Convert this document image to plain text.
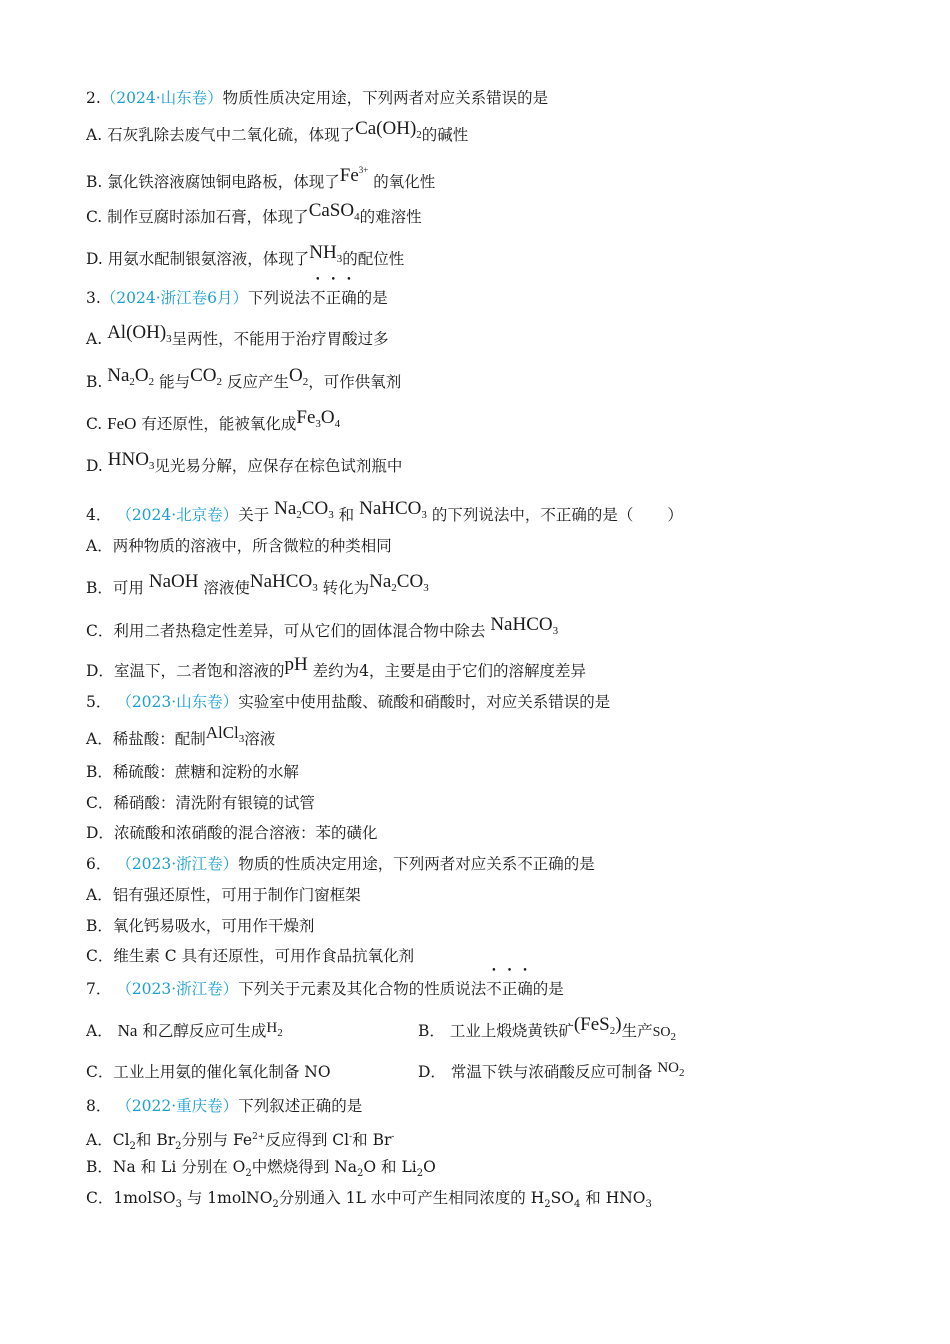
2.（2024·山东卷）物质性质决定用途，下列两者对应关系错误的是
A. 石灰乳除去废气中二氧化硫，体现了$Ca(OH)_2$的碱性
B. 氯化铁溶液腐蚀铜电路板，体现了$Fe^{3+}$ 的氧化性
C. 制作豆腐时添加石膏，体现了CaSO$_4$的难溶性
D. 用氨水配制银氨溶液，体现了$NH_3$的配位性
3.（2024·浙江卷6月）下列说法不正确的是
A. $Al(OH)_3$呈两性，不能用于治疗胃酸过多
B. $Na_2O_2$ 能与$CO_2$ 反应产生$O_2$，可作供氧剂
C. FeO 有还原性，能被氧化成$Fe_3O_4$
D. $HNO_3$见光易分解，应保存在棕色试剂瓶中
4． （2024·北京卷）关于 $Na_2CO_3$ 和 NaHCO$_3$ 的下列说法中，不正确的是（ ）
A．两种物质的溶液中，所含微粒的种类相同
B．可用 NaOH 溶液使NaHCO$_3$ 转化为$Na_2CO_3$
C．利用二者热稳定性差异，可从它们的固体混合物中除去 NaHCO$_3$
D．室温下，二者饱和溶液的pH 差约为4，主要是由于它们的溶解度差异
5． （2023·山东卷）实验室中使用盐酸、硫酸和硝酸时，对应关系错误的是
A．稀盐酸：配制AlCl$_3$溶液
B．稀硫酸：蔗糖和淀粉的水解
C．稀硝酸：清洗附有银镜的试管
D．浓硫酸和浓硝酸的混合溶液：苯的磺化
6． （2023·浙江卷）物质的性质决定用途，下列两者对应关系不正确的是
A．铝有强还原性，可用于制作门窗框架
B．氧化钙易吸水，可用作干燥剂
C．维生素 C 具有还原性，可用作食品抗氧化剂
7． （2023·浙江卷）下列关于元素及其化合物的性质说法不正确的是
A． Na 和乙醇反应可生成$H_2$	B． 工业上煅烧黄铁矿(FeS$_2$)生产$SO_2$
C．工业上用氨的催化氧化制备 NO	D． 常温下铁与浓硝酸反应可制备 $NO_2$
8． （2022·重庆卷）下列叙述正确的是
A．$Cl_2$和 $Br_2$分别与 $Fe^{2+}$反应得到 Cl-和 Br-
B．Na 和 Li 分别在 $O_2$中燃烧得到 $Na_2O$ 和 $Li_2O$
C．1molSO$_3$ 与 1molNO$_2$分别通入 1L 水中可产生相同浓度的 $H_2SO_4$ 和 $HNO_3$
